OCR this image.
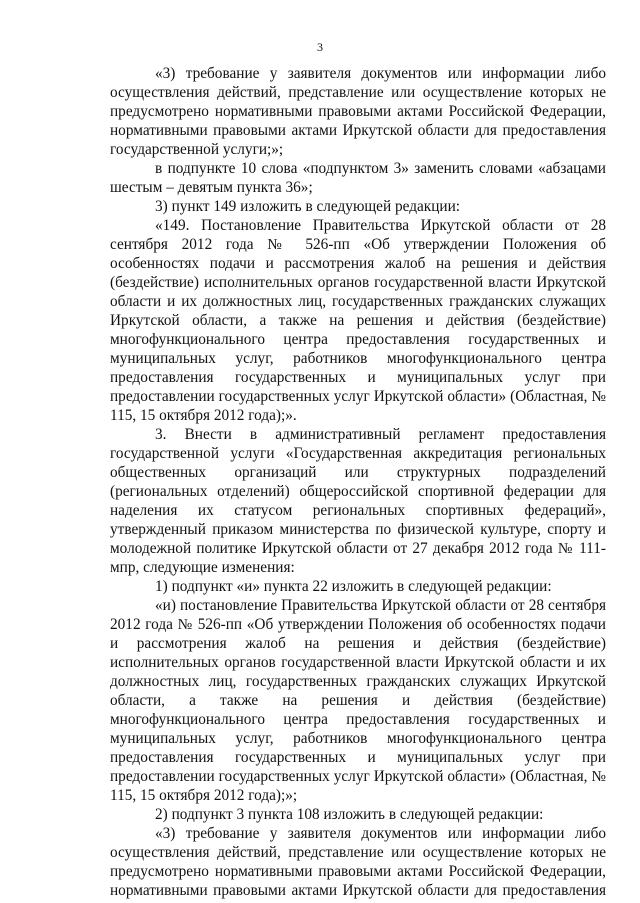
3

«3) требование у заявителя документов или информации либо осуществления действий, представление или осуществление которых не предусмотрено нормативными правовыми актами Российской Федерации, нормативными правовыми актами Иркутской области для предоставления государственной услуги;»;

в подпункте 10 слова «подпунктом 3» заменить словами «абзацами шестым – девятым пункта 36»;

3) пункт 149 изложить в следующей редакции:

«149. Постановление Правительства Иркутской области от 28 сентября 2012 года № 526-пп «Об утверждении Положения об особенностях подачи и рассмотрения жалоб на решения и действия (бездействие) исполнительных органов государственной власти Иркутской области и их должностных лиц, государственных гражданских служащих Иркутской области, а также на решения и действия (бездействие) многофункционального центра предоставления государственных и муниципальных услуг, работников многофункционального центра предоставления государственных и муниципальных услуг при предоставлении государственных услуг Иркутской области» (Областная, № 115, 15 октября 2012 года);».

3. Внести в административный регламент предоставления государственной услуги «Государственная аккредитация региональных общественных организаций или структурных подразделений (региональных отделений) общероссийской спортивной федерации для наделения их статусом региональных спортивных федераций», утвержденный приказом министерства по физической культуре, спорту и молодежной политике Иркутской области от 27 декабря 2012 года № 111-мпр, следующие изменения:

1) подпункт «и» пункта 22 изложить в следующей редакции:

«и) постановление Правительства Иркутской области от 28 сентября 2012 года № 526-пп «Об утверждении Положения об особенностях подачи и рассмотрения жалоб на решения и действия (бездействие) исполнительных органов государственной власти Иркутской области и их должностных лиц, государственных гражданских служащих Иркутской области, а также на решения и действия (бездействие) многофункционального центра предоставления государственных и муниципальных услуг, работников многофункционального центра предоставления государственных и муниципальных услуг при предоставлении государственных услуг Иркутской области» (Областная, № 115, 15 октября 2012 года);»;

2) подпункт 3 пункта 108 изложить в следующей редакции:

«3) требование у заявителя документов или информации либо осуществления действий, представление или осуществление которых не предусмотрено нормативными правовыми актами Российской Федерации, нормативными правовыми актами Иркутской области для предоставления
